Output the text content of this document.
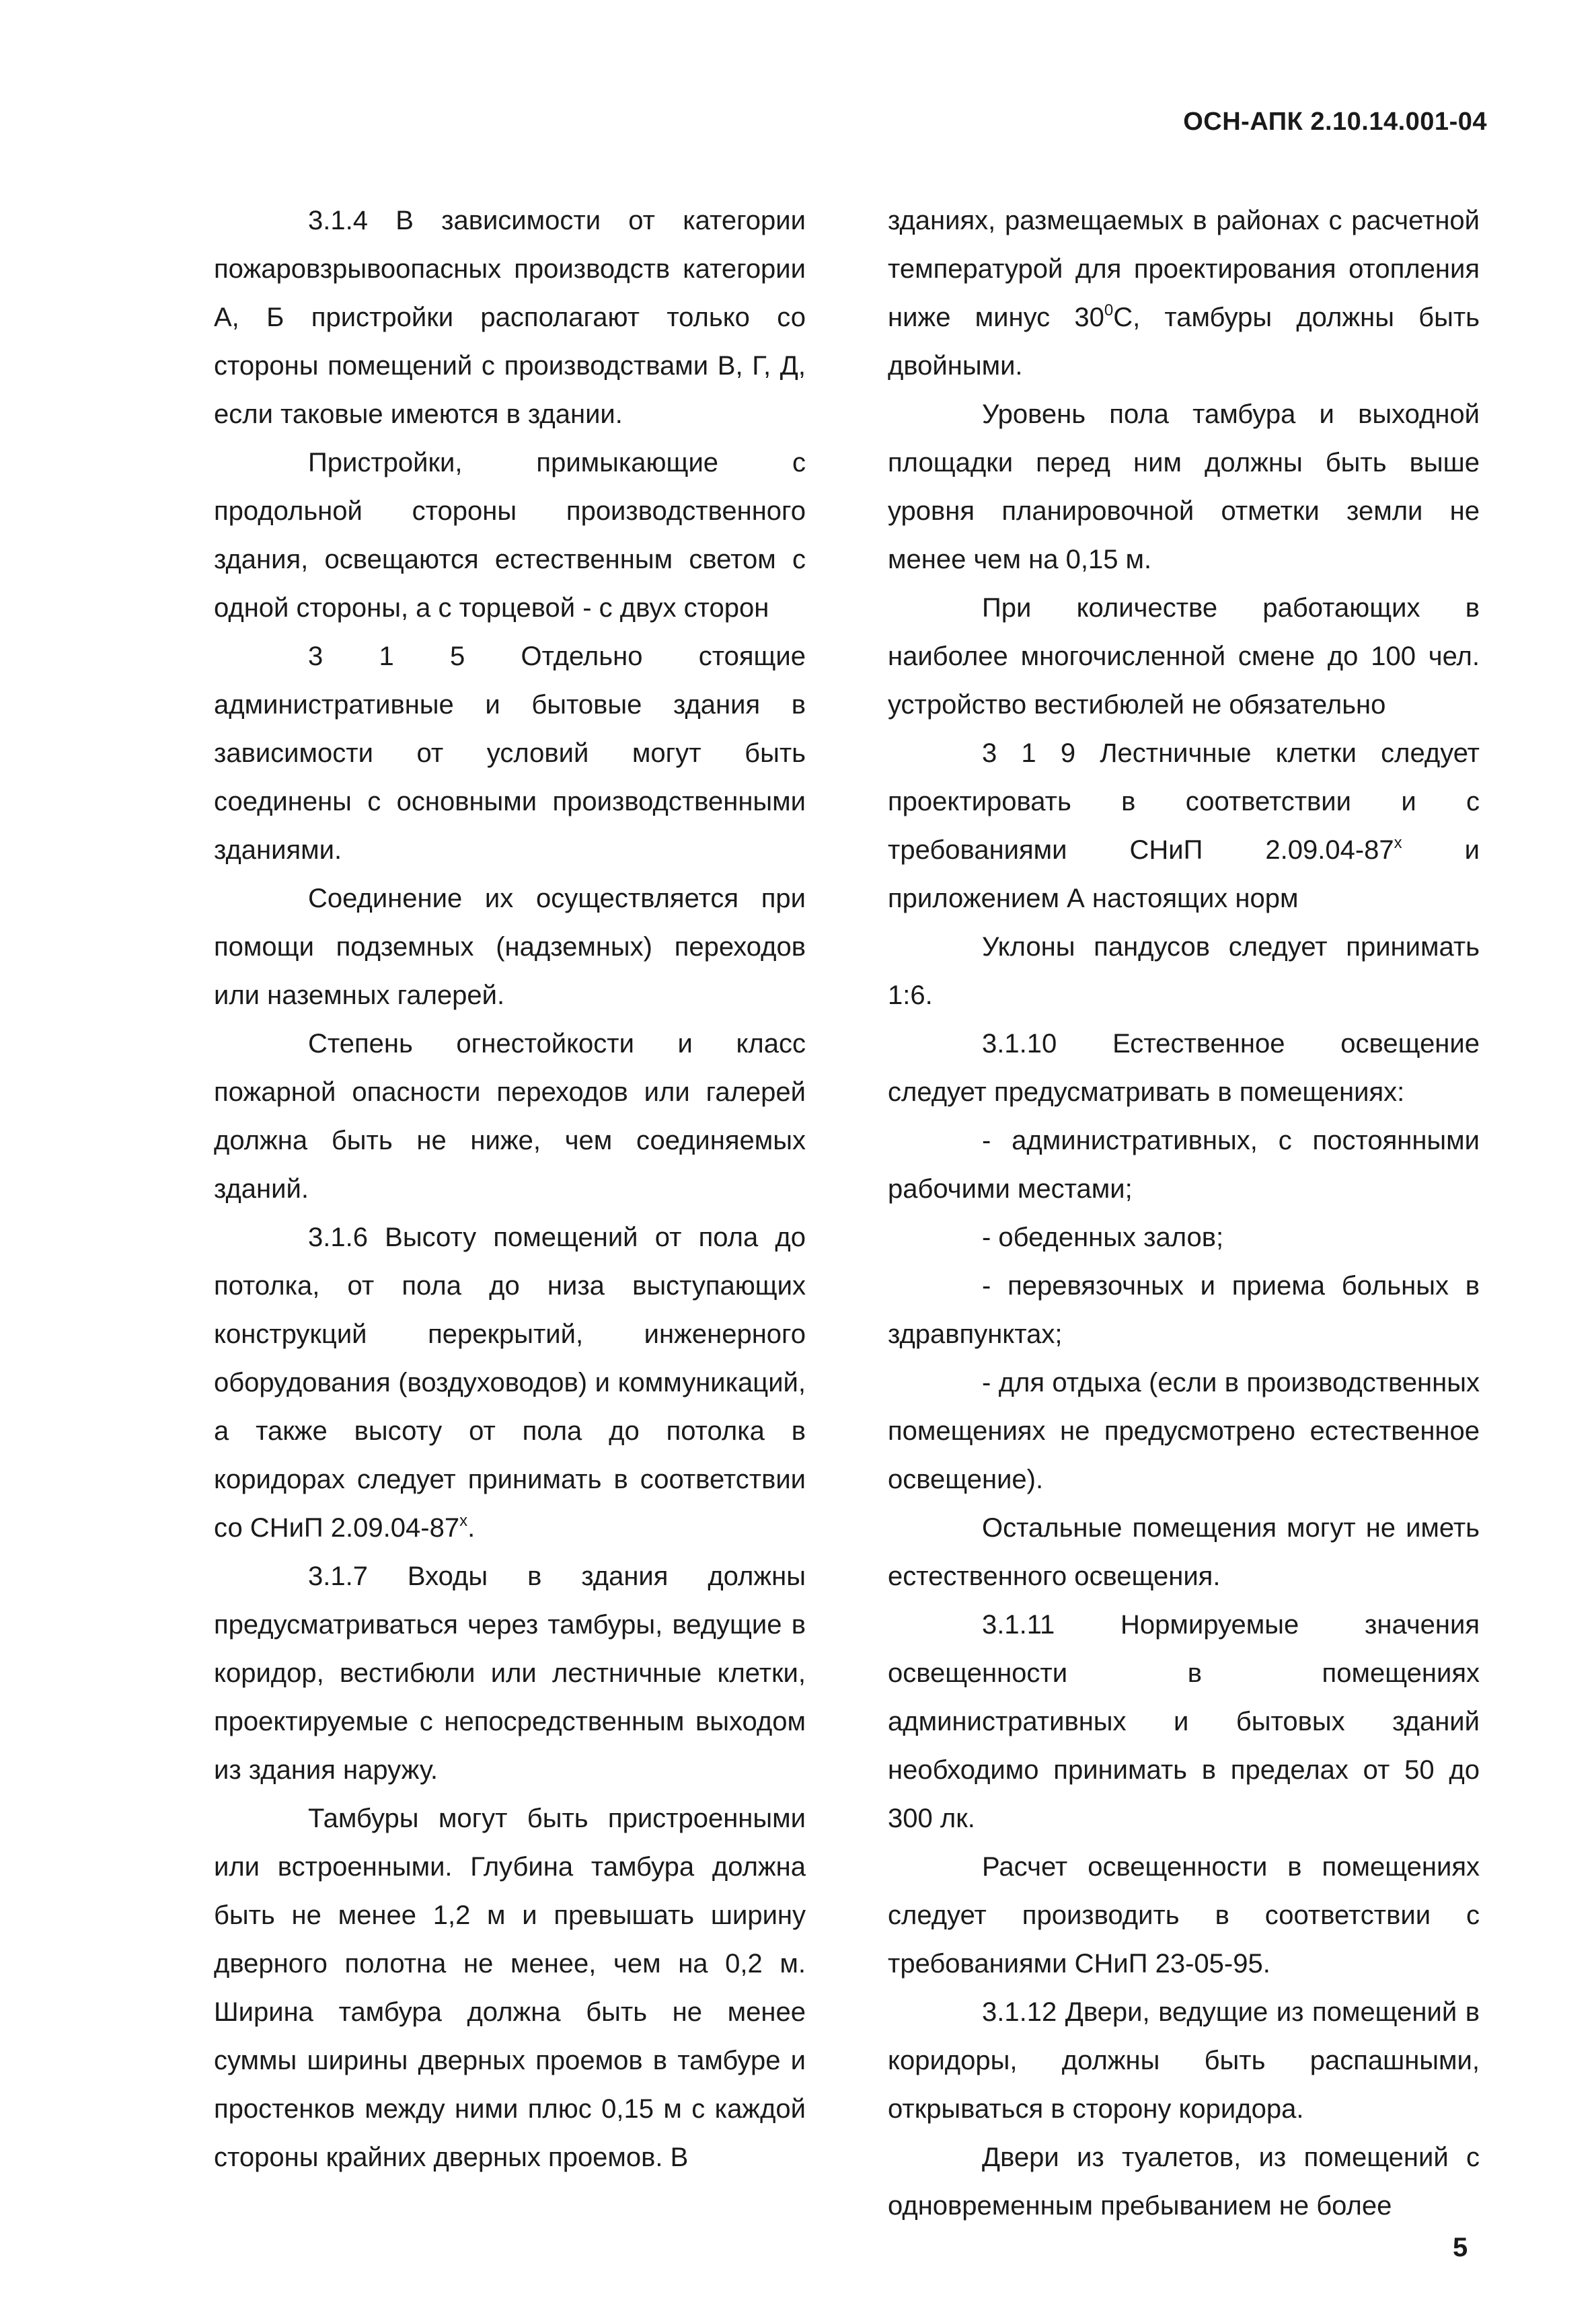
ОСН-АПК 2.10.14.001-04

3.1.4 В зависимости от категории пожаровзрывоопасных производств категории А, Б пристройки располагают только со стороны помещений с производствами В, Г, Д, если таковые имеются в здании.

Пристройки, примыкающие с продольной стороны производственного здания, освещаются естественным светом с одной стороны, а с торцевой - с двух сторон

3 1 5 Отдельно стоящие административные и бытовые здания в зависимости от условий могут быть соединены с основными производственными зданиями.

Соединение их осуществляется при помощи подземных (надземных) переходов или наземных галерей.

Степень огнестойкости и класс пожарной опасности переходов или галерей должна быть не ниже, чем соединяемых зданий.

3.1.6 Высоту помещений от пола до потолка, от пола до низа выступающих конструкций перекрытий, инженерного оборудования (воздуховодов) и коммуникаций, а также высоту от пола до потолка в коридорах следует принимать в соответствии со СНиП $2.09.04-87^х$.

3.1.7 Входы в здания должны предусматриваться через тамбуры, ведущие в коридор, вестибюли или лестничные клетки, проектируемые с непосредственным выходом из здания наружу.

Тамбуры могут быть пристроенными или встроенными. Глубина тамбура должна быть не менее 1,2 м и превышать ширину дверного полотна не менее, чем на 0,2 м. Ширина тамбура должна быть не менее суммы ширины дверных проемов в тамбуре и простенков между ними плюс 0,15 м с каждой стороны крайних дверных проемов. В

зданиях, размещаемых в районах с расчетной температурой для проектирования отопления ниже минус $30^0С$, тамбуры должны быть двойными.

Уровень пола тамбура и выходной площадки перед ним должны быть выше уровня планировочной отметки земли не менее чем на 0,15 м.

При количестве работающих в наиболее многочисленной смене до 100 чел. устройство вестибюлей не обязательно

3 1 9 Лестничные клетки следует проектировать в соответствии и с требованиями СНиП $2.09.04-87^х$ и приложением А настоящих норм

Уклоны пандусов следует принимать 1:6.

3.1.10 Естественное освещение следует предусматривать в помещениях:

- административных, с постоянными рабочими местами;

- обеденных залов;

- перевязочных и приема больных в здравпунктах;

- для отдыха (если в производственных помещениях не предусмотрено естественное освещение).

Остальные помещения могут не иметь естественного освещения.

3.1.11 Нормируемые значения освещенности в помещениях административных и бытовых зданий необходимо принимать в пределах от 50 до 300 лк.

Расчет освещенности в помещениях следует производить в соответствии с требованиями СНиП 23-05-95.

3.1.12 Двери, ведущие из помещений в коридоры, должны быть распашными, открываться в сторону коридора.

Двери из туалетов, из помещений с одновременным пребыванием не более

5
